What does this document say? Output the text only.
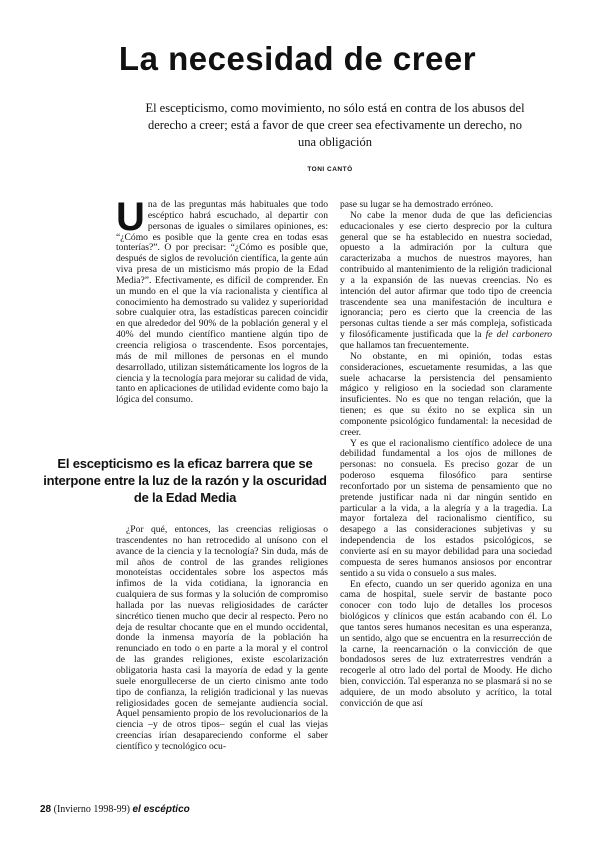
La necesidad de creer
El escepticismo, como movimiento, no sólo está en contra de los abusos del derecho a creer; está a favor de que creer sea efectivamente un derecho, no una obligación
TONI CANTÓ

Una de las preguntas más habituales que todo escéptico habrá escuchado, al departir con personas de iguales o similares opiniones, es: “¿Cómo es posible que la gente crea en todas esas tonterías?”. O por precisar: “¿Cómo es posible que, después de siglos de revolución científica, la gente aún viva presa de un misticismo más propio de la Edad Media?”. Efectivamente, es difícil de comprender. En un mundo en el que la vía racionalista y científica al conocimiento ha demostrado su validez y superioridad sobre cualquier otra, las estadísticas parecen coincidir en que alrededor del 90% de la población general y el 40% del mundo científico mantiene algún tipo de creencia religiosa o trascendente. Esos porcentajes, más de mil millones de personas en el mundo desarrollado, utilizan sistemáticamente los logros de la ciencia y la tecnología para mejorar su calidad de vida, tanto en aplicaciones de utilidad evidente como bajo la lógica del consumo.

El escepticismo es la eficaz barrera que se interpone entre la luz de la razón y la oscuridad de la Edad Media

¿Por qué, entonces, las creencias religiosas o trascendentes no han retrocedido al unísono con el avance de la ciencia y la tecnología? Sin duda, más de mil años de control de las grandes religiones monoteístas occidentales sobre los aspectos más ínfimos de la vida cotidiana, la ignorancia en cualquiera de sus formas y la solución de compromiso hallada por las nuevas religiosidades de carácter sincrético tienen mucho que decir al respecto. Pero no deja de resultar chocante que en el mundo occidental, donde la inmensa mayoría de la población ha renunciado en todo o en parte a la moral y el control de las grandes religiones, existe escolarización obligatoria hasta casi la mayoría de edad y la gente suele enorgullecerse de un cierto cinismo ante todo tipo de confianza, la religión tradicional y las nuevas religiosidades gocen de semejante audiencia social. Aquel pensamiento propio de los revolucionarios de la ciencia –y de otros tipos– según el cual las viejas creencias irían desapareciendo conforme el saber científico y tecnológico ocu-

pase su lugar se ha demostrado erróneo.

No cabe la menor duda de que las deficiencias educacionales y ese cierto desprecio por la cultura general que se ha establecido en nuestra sociedad, opuesto a la admiración por la cultura que caracterizaba a muchos de nuestros mayores, han contribuido al mantenimiento de la religión tradicional y a la expansión de las nuevas creencias. No es intención del autor afirmar que todo tipo de creencia trascendente sea una manifestación de incultura e ignorancia; pero es cierto que la creencia de las personas cultas tiende a ser más compleja, sofisticada y filosóficamente justificada que la fe del carbonero que hallamos tan frecuentemente.

No obstante, en mi opinión, todas estas consideraciones, escuetamente resumidas, a las que suele achacarse la persistencia del pensamiento mágico y religioso en la sociedad son claramente insuficientes. No es que no tengan relación, que la tienen; es que su éxito no se explica sin un componente psicológico fundamental: la necesidad de creer.

Y es que el racionalismo científico adolece de una debilidad fundamental a los ojos de millones de personas: no consuela. Es preciso gozar de un poderoso esquema filosófico para sentirse reconfortado por un sistema de pensamiento que no pretende justificar nada ni dar ningún sentido en particular a la vida, a la alegría y a la tragedia. La mayor fortaleza del racionalismo científico, su desapego a las consideraciones subjetivas y su independencia de los estados psicológicos, se convierte así en su mayor debilidad para una sociedad compuesta de seres humanos ansiosos por encontrar sentido a su vida o consuelo a sus males.

En efecto, cuando un ser querido agoniza en una cama de hospital, suele servir de bastante poco conocer con todo lujo de detalles los procesos biológicos y clínicos que están acabando con él. Lo que tantos seres humanos necesitan es una esperanza, un sentido, algo que se encuentra en la resurrección de la carne, la reencarnación o la convicción de que bondadosos seres de luz extraterrestres vendrán a recogerle al otro lado del portal de Moody. He dicho bien, convicción. Tal esperanza no se plasmará si no se adquiere, de un modo absoluto y acrítico, la total convicción de que así

28 (Invierno 1998-99) el escéptico
